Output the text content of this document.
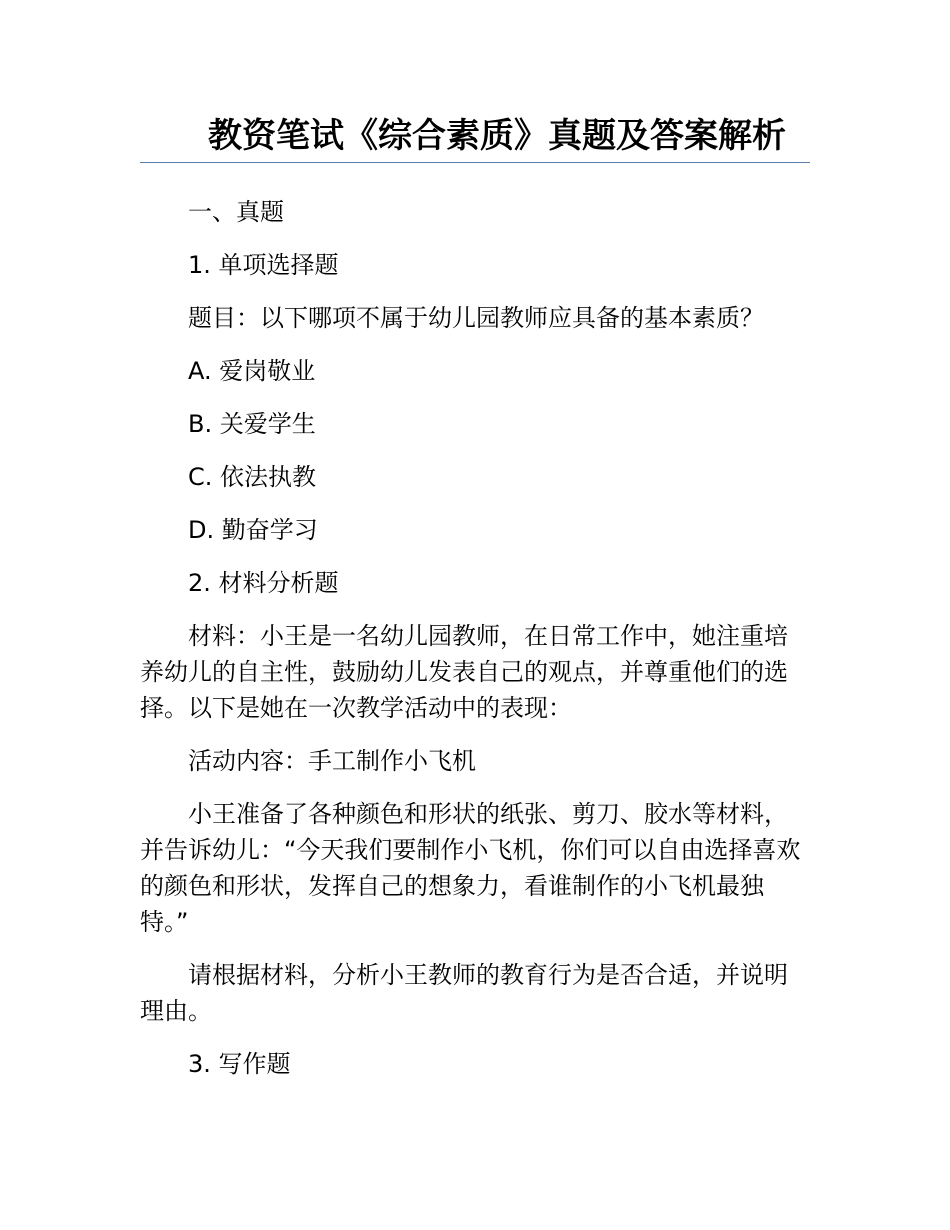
教资笔试《综合素质》真题及答案解析

一、真题

1. 单项选择题

题目：以下哪项不属于幼儿园教师应具备的基本素质？

A. 爱岗敬业

B. 关爱学生

C. 依法执教

D. 勤奋学习

2. 材料分析题

材料：小王是一名幼儿园教师，在日常工作中，她注重培养幼儿的自主性，鼓励幼儿发表自己的观点，并尊重他们的选择。以下是她在一次教学活动中的表现：

活动内容：手工制作小飞机

小王准备了各种颜色和形状的纸张、剪刀、胶水等材料，并告诉幼儿：“今天我们要制作小飞机，你们可以自由选择喜欢的颜色和形状，发挥自己的想象力，看谁制作的小飞机最独特。”

请根据材料，分析小王教师的教育行为是否合适，并说明理由。

3. 写作题
